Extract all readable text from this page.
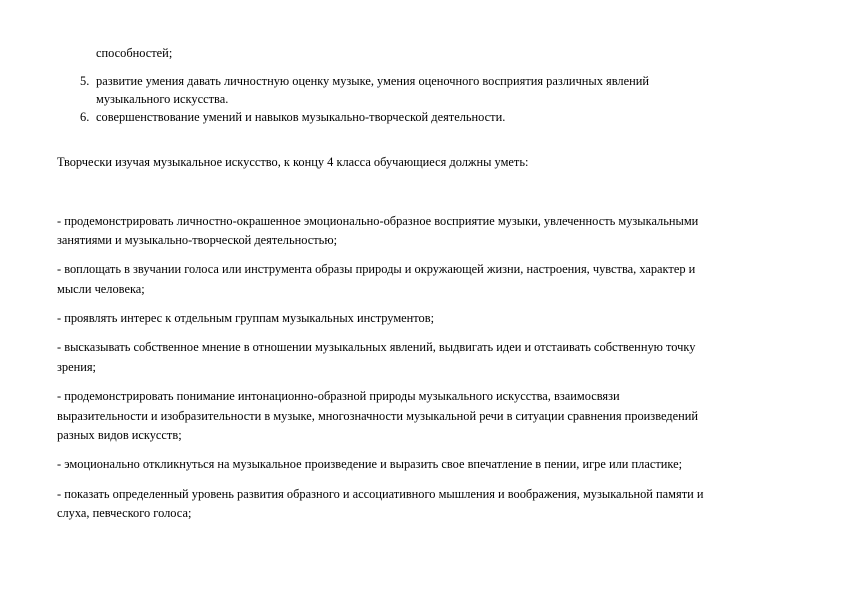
способностей;
5. развитие умения давать личностную оценку музыке, умения оценочного восприятия различных явлений
музыкального искусства.
6. совершенствование умений и навыков музыкально-творческой деятельности.
Творчески изучая музыкальное искусство, к концу 4 класса обучающиеся должны уметь:
- продемонстрировать личностно-окрашенное эмоционально-образное восприятие музыки, увлеченность музыкальными
занятиями и музыкально-творческой деятельностью;
- воплощать в звучании голоса или инструмента образы природы и окружающей жизни, настроения, чувства, характер и
мысли человека;
- проявлять интерес к отдельным группам музыкальных инструментов;
- высказывать собственное мнение в отношении музыкальных явлений, выдвигать идеи и отстаивать собственную точку
зрения;
- продемонстрировать понимание интонационно-образной природы музыкального искусства, взаимосвязи
выразительности и изобразительности в музыке, многозначности музыкальной речи в ситуации сравнения произведений
разных видов искусств;
- эмоционально откликнуться на музыкальное произведение и выразить свое впечатление в пении, игре или пластике;
- показать определенный уровень развития образного и ассоциативного мышления и воображения, музыкальной памяти и
слуха, певческого голоса;
